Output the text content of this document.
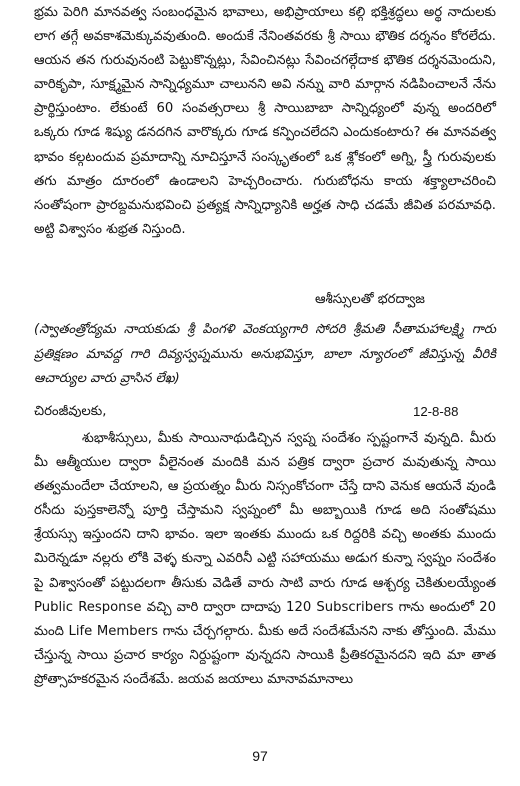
భ్రమ పెరిగి మానవత్వ సంబంధమైన భావాలు, అభిప్రాయాలు కల్గి భక్తిశ్రద్ధలు అర్థ నాదులకు లాగ తగ్గే అవకాశమెక్కువవుతుంది. అందుకే నేనింతవరకు శ్రీ సాయి భౌతిక దర్శనం కోరలేదు. ఆయన తన గురువునంటి పెట్టుకొన్నట్లు, సేవించినట్లు సేవించగల్గేదాక భౌతిక దర్శనమెందుని, వారికృపా, సూక్ష్మమైన సాన్నిధ్యమూ చాలునని అవి నన్ను వారి మార్గాన నడిపించాలనే నేను ప్రార్థిస్తుంటాం. లేకుంటే 60 సంవత్సరాలు శ్రీ సాయిబాబా సాన్నిధ్యంలో వున్న అందరిలో ఒక్కరు గూడ శిష్యు డనదగిన వారొక్కరు గూడ కన్పించలేదని ఎందుకంటారు? ఈ మానవత్వ భావం కల్గటందువ ప్రమాదాన్ని నూచిస్తూనే సంస్కృతంలో ఒక శ్లోకంలో అగ్ని, స్త్రీ గురువులకు తగు మాత్రం దూరంలో ఉండాలని హెచ్చరించారు. గురుబోధను కాయ శక్త్యాలాచరించి సంతోషంగా ప్రారబ్దమనుభవించి ప్రత్యక్ష సాన్నిధ్యానికి అర్హత సాధి చడమే జీవిత పరమావధి. అట్టి విశ్వాసం శుభ్రత నిస్తుంది.
ఆశీస్సులతో భరద్వాజ
(స్వాతంత్రోద్యమ నాయకుడు శ్రీ పింగళి వెంకయ్యగారి సోదరి శ్రీమతి సీతామహాలక్ష్మి గారు ప్రతిక్షణం మావద్ద గారి దివ్యస్వప్నమును అనుభవిస్తూ, బాలా న్యూరంలో జీవిస్తున్న వీరికి ఆచార్యుల వారు వ్రాసిన లేఖ)
చిరంజీవులకు,	12-8-88
శుభాశీస్సులు, మీకు సాయినాథుడిచ్చిన స్వప్న సందేశం స్పష్టంగానే వున్నది. మీరు మీ ఆత్మీయుల ద్వారా వీలైనంత మందికి మన పత్రిక ద్వారా ప్రచార మవుతున్న సాయి తత్వమందేలా చేయాలని, ఆ ప్రయత్నం మీరు నిస్సంకోచంగా చేస్తే దాని వెనుక ఆయనే వుండి రసీదు పుస్తకాలెన్నో పూర్తి చేస్తామని స్వప్నంలో మీ అబ్బాయికి గూడ అది సంతోషము శ్రేయస్సు ఇస్తుందని దాని భావం. ఇలా ఇంతకు ముందు ఒక రిద్దరికి వచ్చి అంతకు ముందు మిరెన్నడూ నల్లరు లోకి వెళ్ళ కున్నా ఎవరినీ ఎట్టి సహాయము అడుగ కున్నా స్వప్నం సందేశం పై విశ్వాసంతో పట్టుదలగా తీసుకు వెడితే వారు సాటి వారు గూడ ఆశ్చర్య చెకితులయ్యేంత Public Response వచ్చి వారి ద్వారా దాదాపు 120 Subscribers గాను అందులో 20 మంది Life Members గాను చేర్చగల్గారు. మీకు అదే సందేశమేనని నాకు తోస్తుంది. మేము చేస్తున్న సాయి ప్రచార కార్యం నిర్దుష్టంగా వున్నదని సాయికి ప్రీతికరమైనదని ఇది మా తాత ప్రోత్సాహకరమైన సందేశమే. జయవ జయాలు మానావమానాలు
97
